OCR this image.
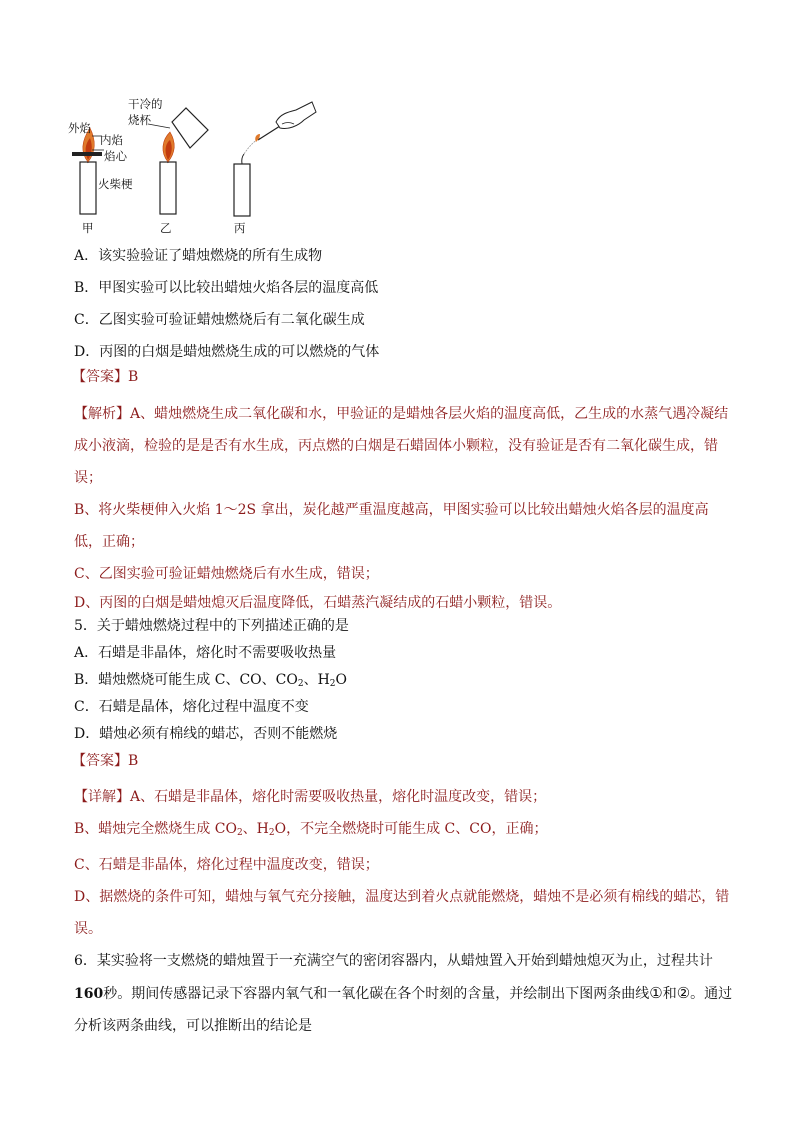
外焰
内焰
焰心
火柴梗
甲
干冷的
烧杯
乙	丙
A．该实验验证了蜡烛燃烧的所有生成物
B．甲图实验可以比较出蜡烛火焰各层的温度高低
C．乙图实验可验证蜡烛燃烧后有二氧化碳生成
D．丙图的白烟是蜡烛燃烧生成的可以燃烧的气体
【答案】B

【解析】A、蜡烛燃烧生成二氧化碳和水，甲验证的是蜡烛各层火焰的温度高低，乙生成的水蒸气遇冷凝结成小液滴，检验的是是否有水生成，丙点燃的白烟是石蜡固体小颗粒，没有验证是否有二氧化碳生成，错误；

B、将火柴梗伸入火焰 1～2S 拿出，炭化越严重温度越高，甲图实验可以比较出蜡烛火焰各层的温度高低，正确；

C、乙图实验可验证蜡烛燃烧后有水生成，错误；

D、丙图的白烟是蜡烛熄灭后温度降低，石蜡蒸汽凝结成的石蜡小颗粒，错误。

5．关于蜡烛燃烧过程中的下列描述正确的是

A．石蜡是非晶体，熔化时不需要吸收热量

B．蜡烛燃烧可能生成 C、CO、$CO_2$、$H_2O$

C．石蜡是晶体，熔化过程中温度不变

D．蜡烛必须有棉线的蜡芯，否则不能燃烧

【答案】B

【详解】A、石蜡是非晶体，熔化时需要吸收热量，熔化时温度改变，错误；

B、蜡烛完全燃烧生成 $CO_2$、$H_2O$，不完全燃烧时可能生成 C、CO，正确；

C、石蜡是非晶体，熔化过程中温度改变，错误；

D、据燃烧的条件可知，蜡烛与氧气充分接触，温度达到着火点就能燃烧，蜡烛不是必须有棉线的蜡芯，错误。

6．某实验将一支燃烧的蜡烛置于一充满空气的密闭容器内，从蜡烛置入开始到蜡烛熄灭为止，过程共计 160秒。期间传感器记录下容器内氧气和一氧化碳在各个时刻的含量，并绘制出下图两条曲线①和②。通过分析该两条曲线，可以推断出的结论是
